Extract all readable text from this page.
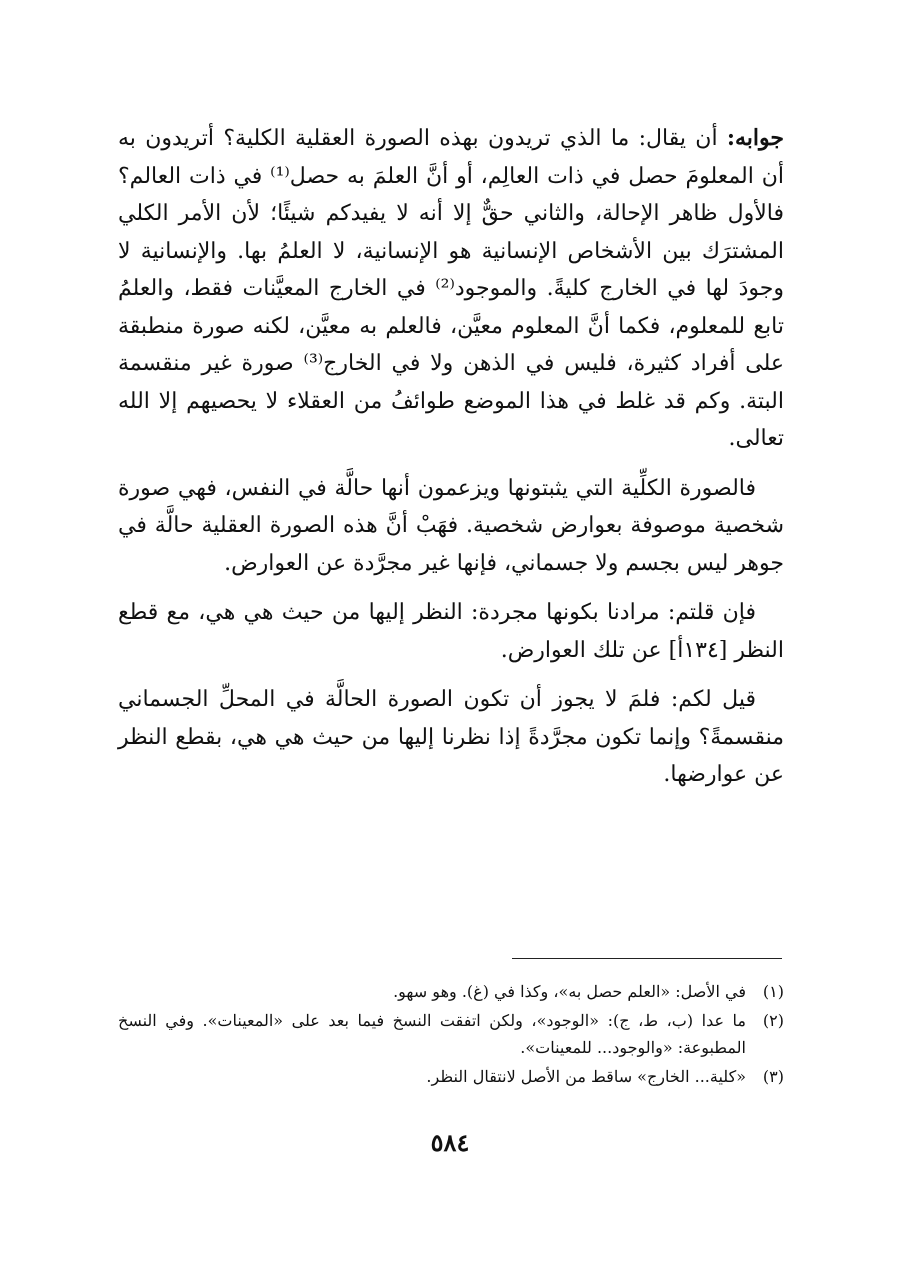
جوابه: أن يقال: ما الذي تريدون بهذه الصورة العقلية الكلية؟ أتريدون به أن المعلومَ حصل في ذات العالِم، أو أنَّ العلمَ به حصل⁽¹⁾ في ذات العالم؟ فالأول ظاهر الإحالة، والثاني حقٌّ إلا أنه لا يفيدكم شيئًا؛ لأن الأمر الكلي المشترَك بين الأشخاص الإنسانية هو الإنسانية، لا العلمُ بها. والإنسانية لا وجودَ لها في الخارج كليةً. والموجود⁽²⁾ في الخارج المعيَّنات فقط، والعلمُ تابع للمعلوم، فكما أنَّ المعلوم معيَّن، فالعلم به معيَّن، لكنه صورة منطبقة على أفراد كثيرة، فليس في الذهن ولا في الخارج⁽³⁾ صورة غير منقسمة البتة. وكم قد غلط في هذا الموضع طوائفُ من العقلاء لا يحصيهم إلا الله تعالى.

فالصورة الكلِّية التي يثبتونها ويزعمون أنها حالَّة في النفس، فهي صورة شخصية موصوفة بعوارض شخصية. فهَبْ أنَّ هذه الصورة العقلية حالَّة في جوهر ليس بجسم ولا جسماني، فإنها غير مجرَّدة عن العوارض.

فإن قلتم: مرادنا بكونها مجردة: النظر إليها من حيث هي هي، مع قطع النظر [١٣٤أ] عن تلك العوارض.

قيل لكم: فلمَ لا يجوز أن تكون الصورة الحالَّة في المحلِّ الجسماني منقسمةً؟ وإنما تكون مجرَّدةً إذا نظرنا إليها من حيث هي هي، بقطع النظر عن عوارضها.

(١)
في الأصل: «العلم حصل به»، وكذا في (غ). وهو سهو.
(٢)
ما عدا (ب، ط، ج): «الوجود»، ولكن اتفقت النسخ فيما بعد على «المعينات». وفي النسخ المطبوعة: «والوجود... للمعينات».
(٣)
«كلية... الخارج» ساقط من الأصل لانتقال النظر.
٥٨٤
